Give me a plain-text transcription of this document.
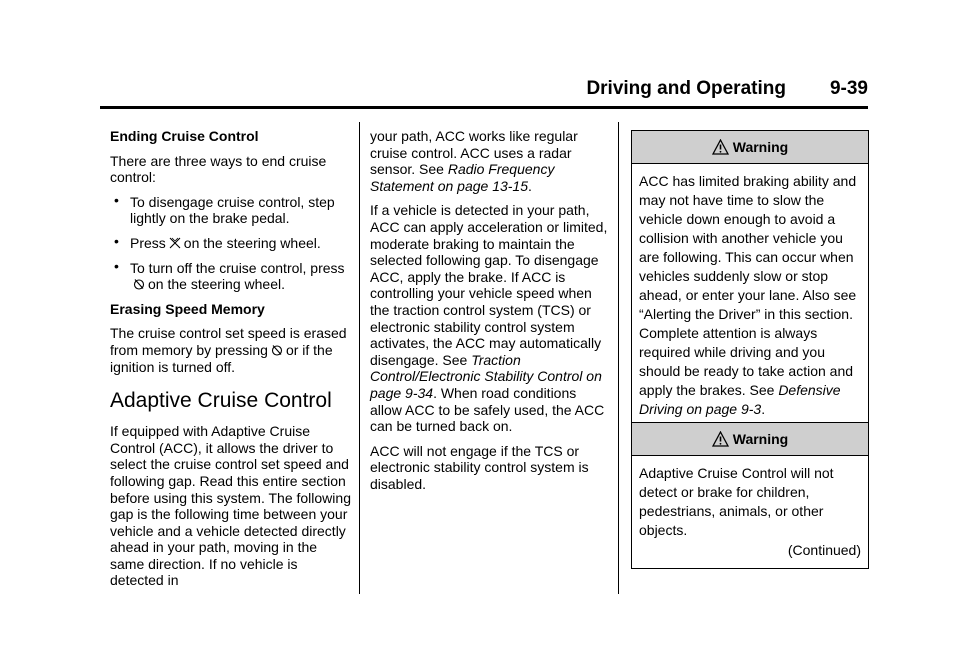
Driving and Operating 9-39
Ending Cruise Control

There are three ways to end cruise control:

• To disengage cruise control, step lightly on the brake pedal.
• Press on the steering wheel.
• To turn off the cruise control, presson the steering wheel.
Erasing Speed Memory

The cruise control set speed is erased from memory by pressing or if the ignition is turned off.

Adaptive Cruise Control

If equipped with Adaptive Cruise Control (ACC), it allows the driver to select the cruise control set speed and following gap. Read this entire section before using this system. The following gap is the following time between your vehicle and a vehicle detected directly ahead in your path, moving in the same direction. If no vehicle is detected in

your path, ACC works like regular cruise control. ACC uses a radar sensor. See Radio Frequency Statement on page 13-15.

If a vehicle is detected in your path, ACC can apply acceleration or limited, moderate braking to maintain the selected following gap. To disengage ACC, apply the brake. If ACC is controlling your vehicle speed when the traction control system (TCS) or electronic stability control system activates, the ACC may automatically disengage. See Traction Control/Electronic Stability Control on page 9-34. When road conditions allow ACC to be safely used, the ACC can be turned back on.

ACC will not engage if the TCS or electronic stability control system is disabled.

Warning
ACC has limited braking ability and may not have time to slow the vehicle down enough to avoid a collision with another vehicle you are following. This can occur when vehicles suddenly slow or stop ahead, or enter your lane. Also see “Alerting the Driver” in this section. Complete attention is always required while driving and you should be ready to take action and apply the brakes. See Defensive Driving on page 9-3.
Warning
Adaptive Cruise Control will not detect or brake for children, pedestrians, animals, or other objects.
(Continued)
